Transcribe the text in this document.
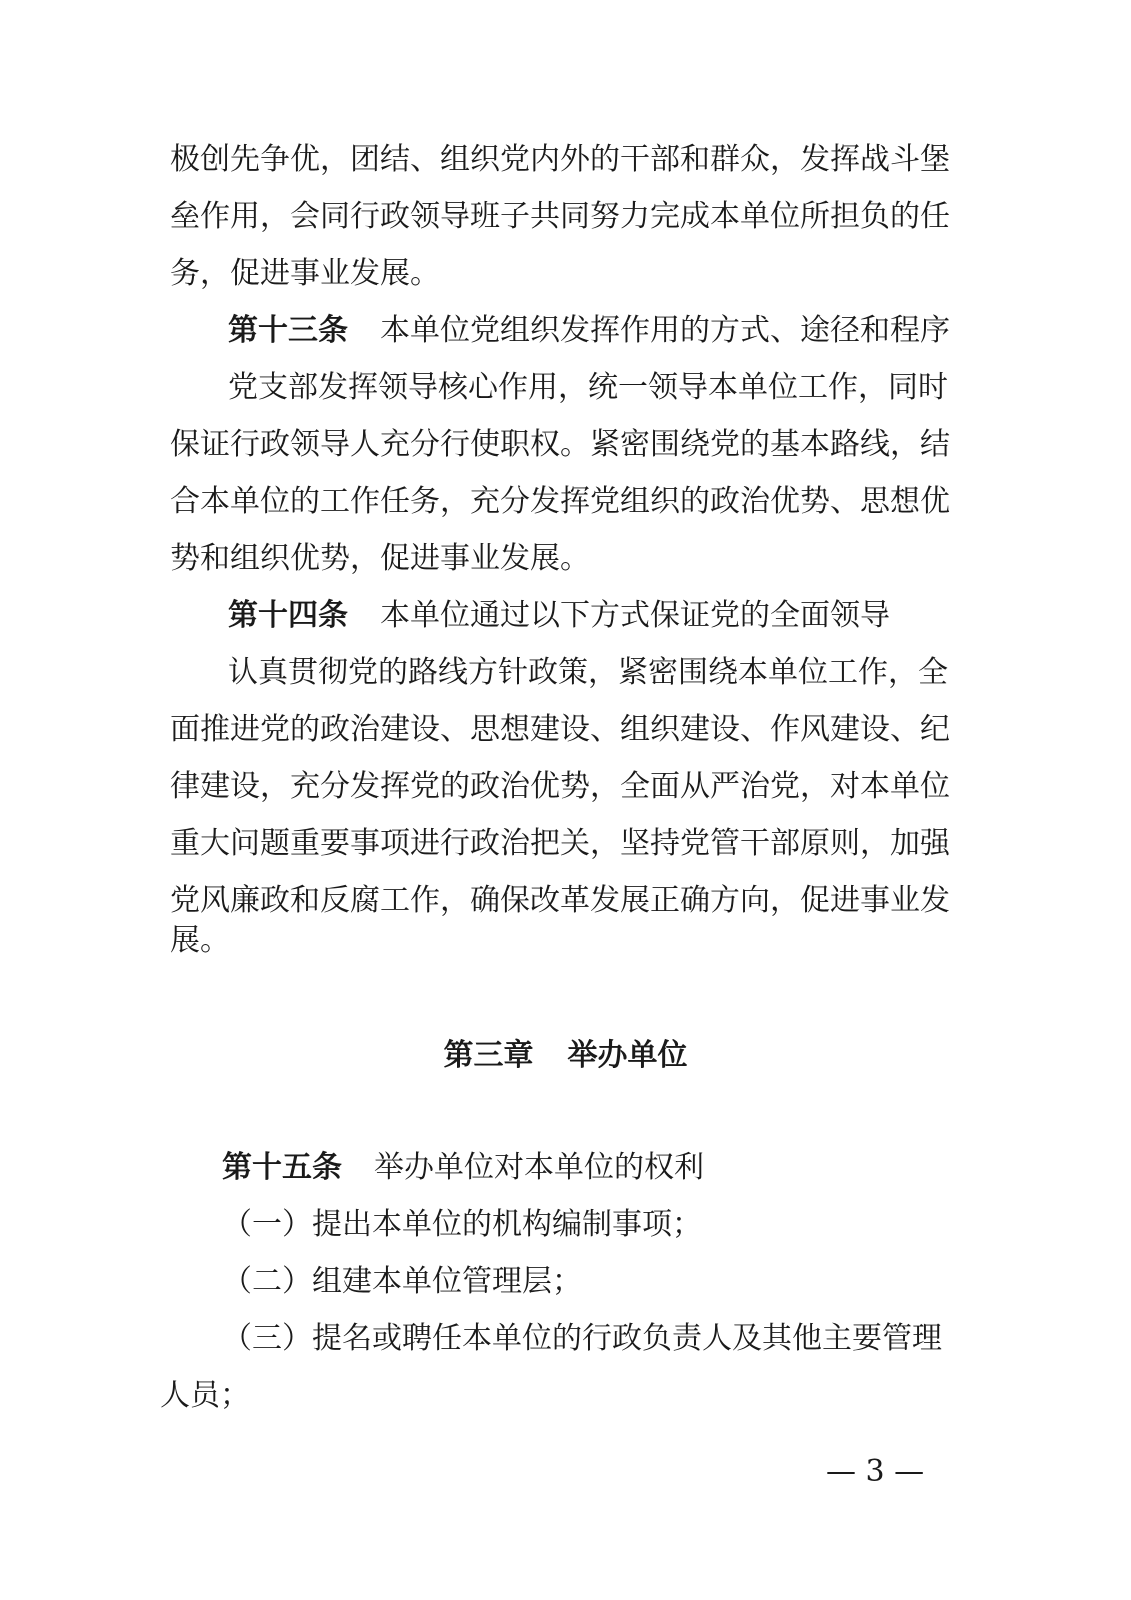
极创先争优，团结、组织党内外的干部和群众，发挥战斗堡

垒作用，会同行政领导班子共同努力完成本单位所担负的任

务，促进事业发展。

第十三条 本单位党组织发挥作用的方式、途径和程序

党支部发挥领导核心作用，统一领导本单位工作，同时

保证行政领导人充分行使职权。紧密围绕党的基本路线，结

合本单位的工作任务，充分发挥党组织的政治优势、思想优

势和组织优势，促进事业发展。

第十四条 本单位通过以下方式保证党的全面领导

认真贯彻党的路线方针政策，紧密围绕本单位工作，全

面推进党的政治建设、思想建设、组织建设、作风建设、纪

律建设，充分发挥党的政治优势，全面从严治党，对本单位

重大问题重要事项进行政治把关，坚持党管干部原则，加强

党风廉政和反腐工作，确保改革发展正确方向，促进事业发

展。

第三章 举办单位

第十五条 举办单位对本单位的权利

（一）提出本单位的机构编制事项；

（二）组建本单位管理层；

（三）提名或聘任本单位的行政负责人及其他主要管理

人员；

— 3 —
